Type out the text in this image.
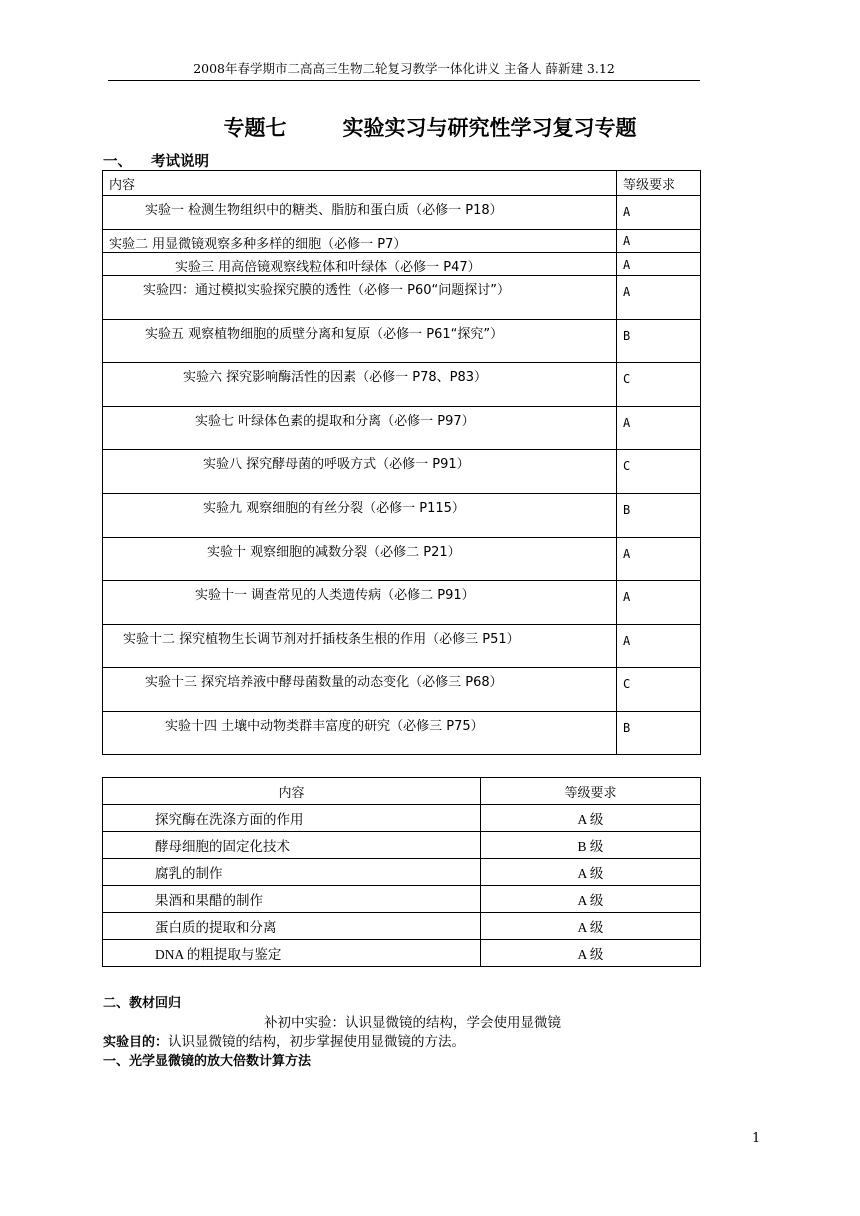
2008年春学期市二高高三生物二轮复习教学一体化讲义 主备人 薛新建 3.12
专题七	实验实习与研究性学习复习专题
一、 考试说明
内容	等级要求

实验一 检测生物组织中的糖类、脂肪和蛋白质（必修一 P18）	A

实验二 用显微镜观察多种多样的细胞（必修一 P7）	A

实验三 用高倍镜观察线粒体和叶绿体（必修一 P47）	A

实验四：通过模拟实验探究膜的透性（必修一 P60“问题探讨”）	A

实验五 观察植物细胞的质壁分离和复原（必修一 P61“探究”）	B

实验六 探究影响酶活性的因素（必修一 P78、P83）	C

实验七 叶绿体色素的提取和分离（必修一 P97）	A

实验八 探究酵母菌的呼吸方式（必修一 P91）	C

实验九 观察细胞的有丝分裂（必修一 P115）	B

实验十 观察细胞的减数分裂（必修二 P21）	A

实验十一 调查常见的人类遗传病（必修二 P91）	A

实验十二 探究植物生长调节剂对扦插枝条生根的作用（必修三 P51）	A

实验十三 探究培养液中酵母菌数量的动态变化（必修三 P68）	C

实验十四 土壤中动物类群丰富度的研究（必修三 P75）	B
内容	等级要求
探究酶在洗涤方面的作用	A 级
酵母细胞的固定化技术	B 级
腐乳的制作	A 级
果酒和果醋的制作	A 级
蛋白质的提取和分离	A 级
DNA 的粗提取与鉴定	A 级
二、教材回归
补初中实验：认识显微镜的结构，学会使用显微镜
实验目的：认识显微镜的结构，初步掌握使用显微镜的方法。
一、光学显微镜的放大倍数计算方法
1
